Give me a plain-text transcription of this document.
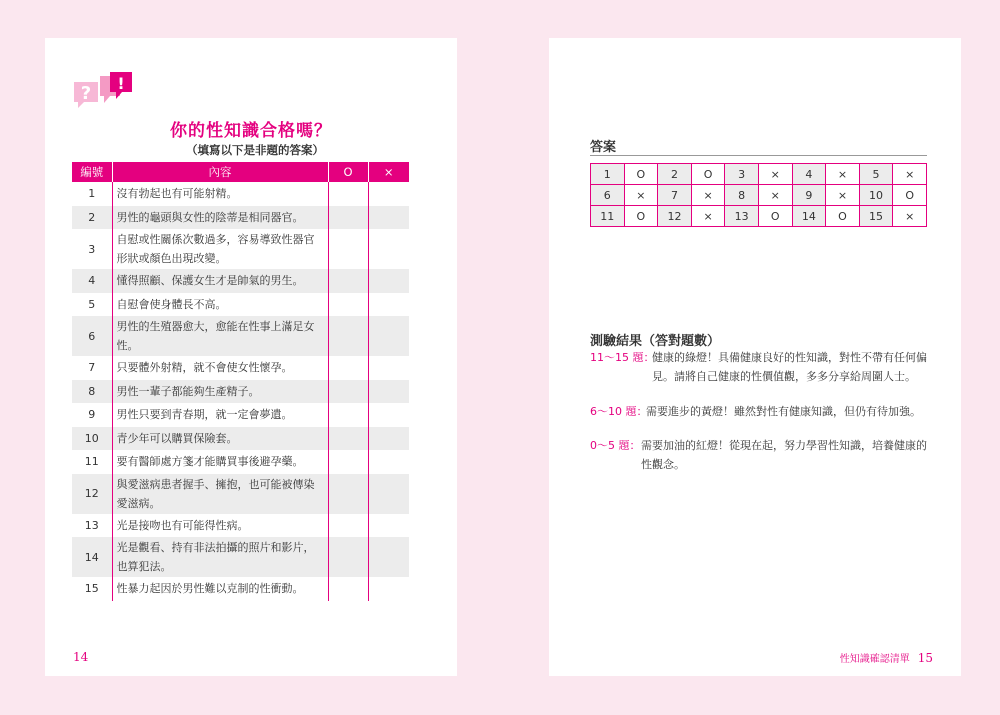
? !
你的性知識合格嗎？
（填寫以下是非題的答案）
編號	內容	O	×
1	沒有勃起也有可能射精。		
2	男性的龜頭與女性的陰蒂是相同器官。		
3	自慰或性關係次數過多，容易導致性器官形狀或顏色出現改變。		
4	懂得照顧、保護女生才是帥氣的男生。		
5	自慰會使身體長不高。		
6	男性的生殖器愈大，愈能在性事上滿足女性。		
7	只要體外射精，就不會使女性懷孕。		
8	男性一輩子都能夠生產精子。		
9	男性只要到青春期，就一定會夢遺。		
10	青少年可以購買保險套。		
11	要有醫師處方箋才能購買事後避孕藥。		
12	與愛滋病患者握手、擁抱，也可能被傳染愛滋病。		
13	光是接吻也有可能得性病。		
14	光是觀看、持有非法拍攝的照片和影片，也算犯法。		
15	性暴力起因於男性難以克制的性衝動。		
14
答案
1	O	2	O	3	×	4	×	5	×
6	×	7	×	8	×	9	×	10	O
11	O	12	×	13	O	14	O	15	×
測驗結果（答對題數）
11～15 題：
健康的綠燈！具備健康良好的性知識，對性不帶有任何偏見。請將自己健康的性價值觀，多多分享給周圍人士。
6～10 題：
需要進步的黃燈！雖然對性有健康知識，但仍有待加強。
0～5 題： 需要加油的紅燈！從現在起，努力學習性知識，培養健康的性觀念。
性知識確認清單 15
